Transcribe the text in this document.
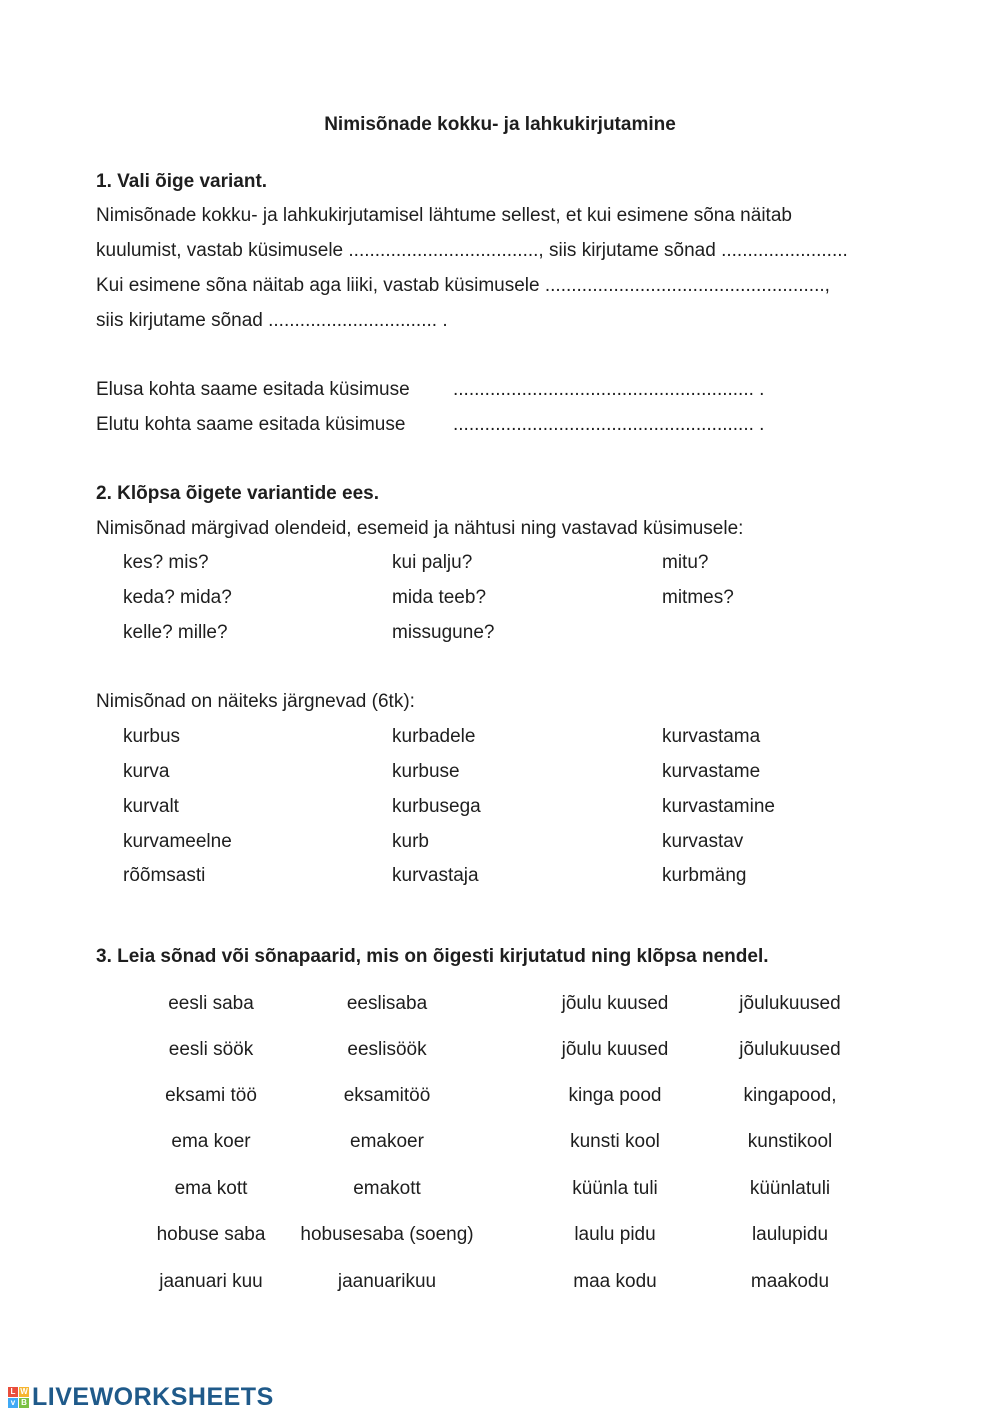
Nimisõnade kokku- ja lahkukirjutamine
1. Vali õige variant.
Nimisõnade kokku- ja lahkukirjutamisel lähtume sellest, et kui esimene sõna näitab
kuulumist, vastab küsimusele ...................................., siis kirjutame sõnad ........................
Kui esimene sõna näitab aga liiki, vastab küsimusele .....................................................,
siis kirjutame sõnad ................................ .
Elusa kohta saame esitada küsimuse ......................................................... .
Elutu kohta saame esitada küsimuse	......................................................... .
2. Klõpsa õigete variantide ees.
Nimisõnad märgivad olendeid, esemeid ja nähtusi ning vastavad küsimusele:
kes? mis?	kui palju?	mitu?
keda? mida?	mida teeb?	mitmes?
kelle? mille?	missugune?
Nimisõnad on näiteks järgnevad (6tk):
kurbus	kurbadele	kurvastama
kurva	kurbuse	kurvastame
kurvalt	kurbusega	kurvastamine
kurvameelne	kurb	kurvastav
rõõmsasti	kurvastaja	kurbmäng
3. Leia sõnad või sõnapaarid, mis on õigesti kirjutatud ning klõpsa nendel.
eesli saba	eeslisaba	jõulu kuused	jõulukuused
eesli söök	eeslisöök	jõulu kuused	jõulukuused
eksami töö	eksamitöö	kinga pood	kingapood,
ema koer	emakoer	kunsti kool	kunstikool
ema kott	emakott	küünla tuli	küünlatuli
hobuse saba	hobusesaba (soeng)	laulu pidu	laulupidu
jaanuari kuu	jaanuarikuu	maa kodu	maakodu
L W
v B LIVEWORKSHEETS
